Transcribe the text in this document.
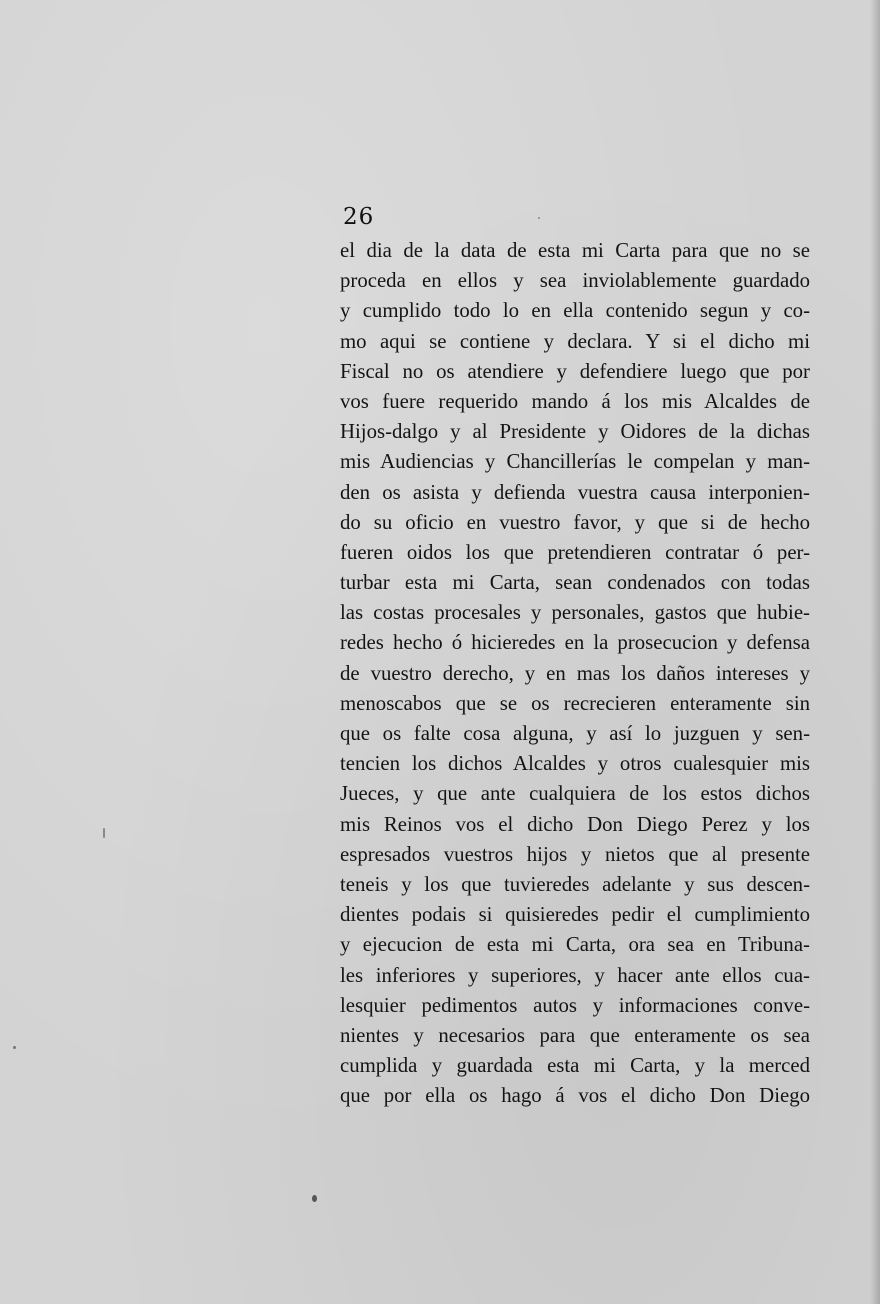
26
el dia de la data de esta mi Carta para que no se
proceda en ellos y sea inviolablemente guardado
y cumplido todo lo en ella contenido segun y co-
mo aqui se contiene y declara. Y si el dicho mi
Fiscal no os atendiere y defendiere luego que por
vos fuere requerido mando á los mis Alcaldes de
Hijos-dalgo y al Presidente y Oidores de la dichas
mis Audiencias y Chancillerías le compelan y man-
den os asista y defienda vuestra causa interponien-
do su oficio en vuestro favor, y que si de hecho
fueren oidos los que pretendieren contratar ó per-
turbar esta mi Carta, sean condenados con todas
las costas procesales y personales, gastos que hubie-
redes hecho ó hicieredes en la prosecucion y defensa
de vuestro derecho, y en mas los daños intereses y
menoscabos que se os recrecieren enteramente sin
que os falte cosa alguna, y así lo juzguen y sen-
tencien los dichos Alcaldes y otros cualesquier mis
Jueces, y que ante cualquiera de los estos dichos
mis Reinos vos el dicho Don Diego Perez y los
espresados vuestros hijos y nietos que al presente
teneis y los que tuvieredes adelante y sus descen-
dientes podais si quisieredes pedir el cumplimiento
y ejecucion de esta mi Carta, ora sea en Tribuna-
les inferiores y superiores, y hacer ante ellos cua-
lesquier pedimentos autos y informaciones conve-
nientes y necesarios para que enteramente os sea
cumplida y guardada esta mi Carta, y la merced
que por ella os hago á vos el dicho Don Diego
